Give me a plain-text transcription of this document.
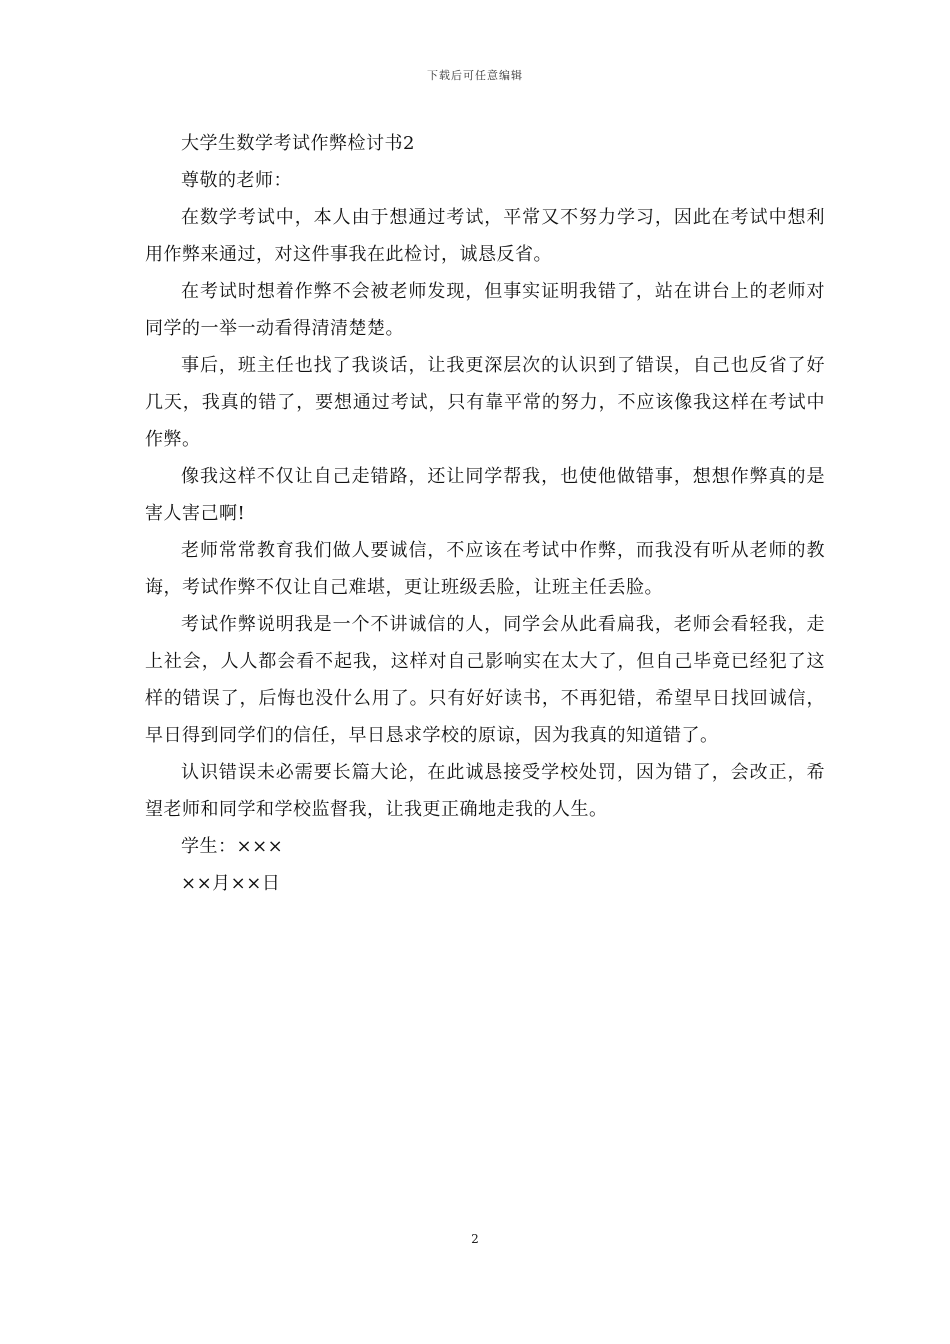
下载后可任意编辑

大学生数学考试作弊检讨书2

尊敬的老师：

在数学考试中，本人由于想通过考试，平常又不努力学习，因此在考试中想利用作弊来通过，对这件事我在此检讨，诚恳反省。

在考试时想着作弊不会被老师发现，但事实证明我错了，站在讲台上的老师对同学的一举一动看得清清楚楚。

事后，班主任也找了我谈话，让我更深层次的认识到了错误，自己也反省了好几天，我真的错了，要想通过考试，只有靠平常的努力，不应该像我这样在考试中作弊。

像我这样不仅让自己走错路，还让同学帮我，也使他做错事，想想作弊真的是害人害己啊!

老师常常教育我们做人要诚信，不应该在考试中作弊，而我没有听从老师的教诲，考试作弊不仅让自己难堪，更让班级丢脸，让班主任丢脸。

考试作弊说明我是一个不讲诚信的人，同学会从此看扁我，老师会看轻我，走上社会，人人都会看不起我，这样对自己影响实在太大了，但自己毕竟已经犯了这样的错误了，后悔也没什么用了。只有好好读书，不再犯错，希望早日找回诚信，早日得到同学们的信任，早日恳求学校的原谅，因为我真的知道错了。

认识错误未必需要长篇大论，在此诚恳接受学校处罚，因为错了，会改正，希望老师和同学和学校监督我，让我更正确地走我的人生。

学生：×××

××月××日

2
